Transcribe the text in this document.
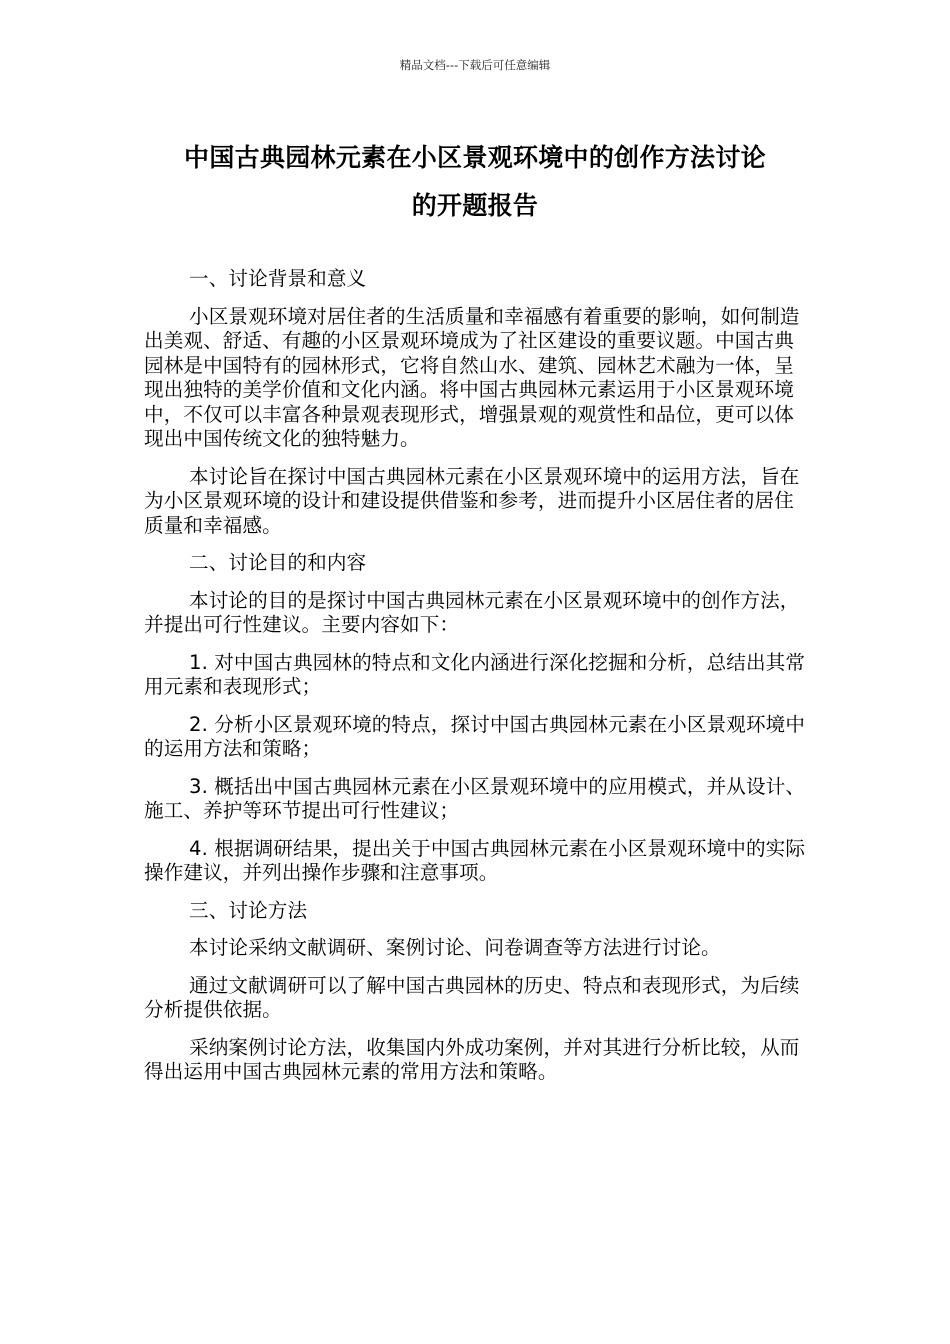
精品文档---下载后可任意编辑
中国古典园林元素在小区景观环境中的创作方法讨论
的开题报告

一、讨论背景和意义

小区景观环境对居住者的生活质量和幸福感有着重要的影响，如何制造出美观、舒适、有趣的小区景观环境成为了社区建设的重要议题。中国古典园林是中国特有的园林形式，它将自然山水、建筑、园林艺术融为一体，呈现出独特的美学价值和文化内涵。将中国古典园林元素运用于小区景观环境中，不仅可以丰富各种景观表现形式，增强景观的观赏性和品位，更可以体现出中国传统文化的独特魅力。

本讨论旨在探讨中国古典园林元素在小区景观环境中的运用方法，旨在为小区景观环境的设计和建设提供借鉴和参考，进而提升小区居住者的居住质量和幸福感。

二、讨论目的和内容

本讨论的目的是探讨中国古典园林元素在小区景观环境中的创作方法，并提出可行性建议。主要内容如下：

1. 对中国古典园林的特点和文化内涵进行深化挖掘和分析，总结出其常用元素和表现形式；

2. 分析小区景观环境的特点，探讨中国古典园林元素在小区景观环境中的运用方法和策略；

3. 概括出中国古典园林元素在小区景观环境中的应用模式，并从设计、施工、养护等环节提出可行性建议；

4. 根据调研结果，提出关于中国古典园林元素在小区景观环境中的实际操作建议，并列出操作步骤和注意事项。

三、讨论方法

本讨论采纳文献调研、案例讨论、问卷调查等方法进行讨论。

通过文献调研可以了解中国古典园林的历史、特点和表现形式，为后续分析提供依据。

采纳案例讨论方法，收集国内外成功案例，并对其进行分析比较，从而得出运用中国古典园林元素的常用方法和策略。
